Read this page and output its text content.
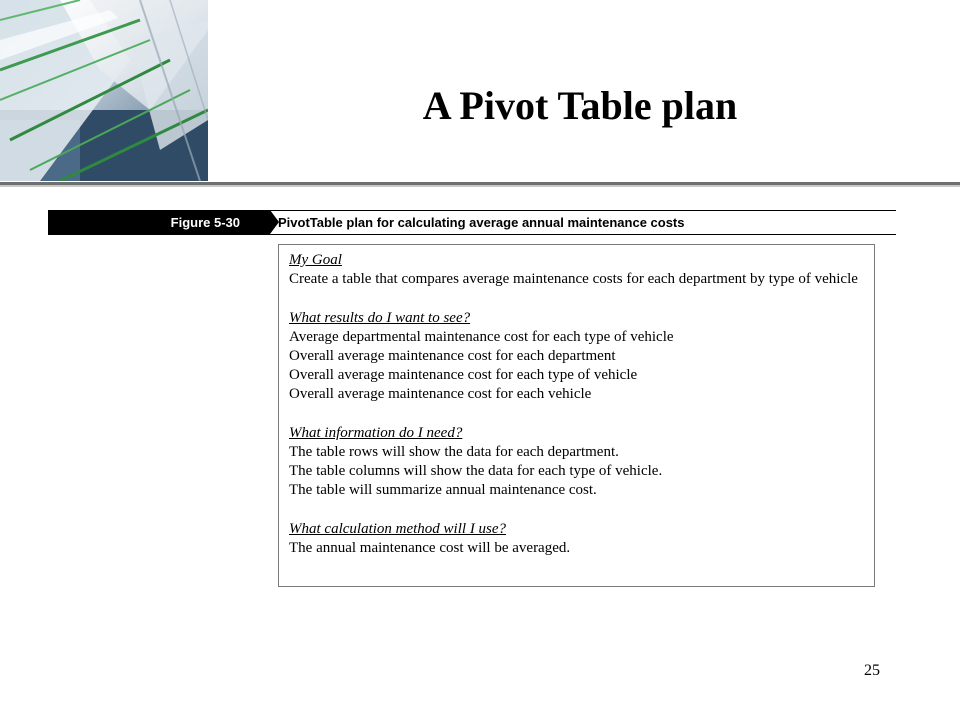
A Pivot Table plan
Figure 5-30	PivotTable plan for calculating average annual maintenance costs
My Goal
Create a table that compares average maintenance costs for each department by type of vehicle
What results do I want to see?
Average departmental maintenance cost for each type of vehicle
Overall average maintenance cost for each department
Overall average maintenance cost for each type of vehicle
Overall average maintenance cost for each vehicle
What information do I need?
The table rows will show the data for each department.
The table columns will show the data for each type of vehicle.
The table will summarize annual maintenance cost.
What calculation method will I use?
The annual maintenance cost will be averaged.
25
